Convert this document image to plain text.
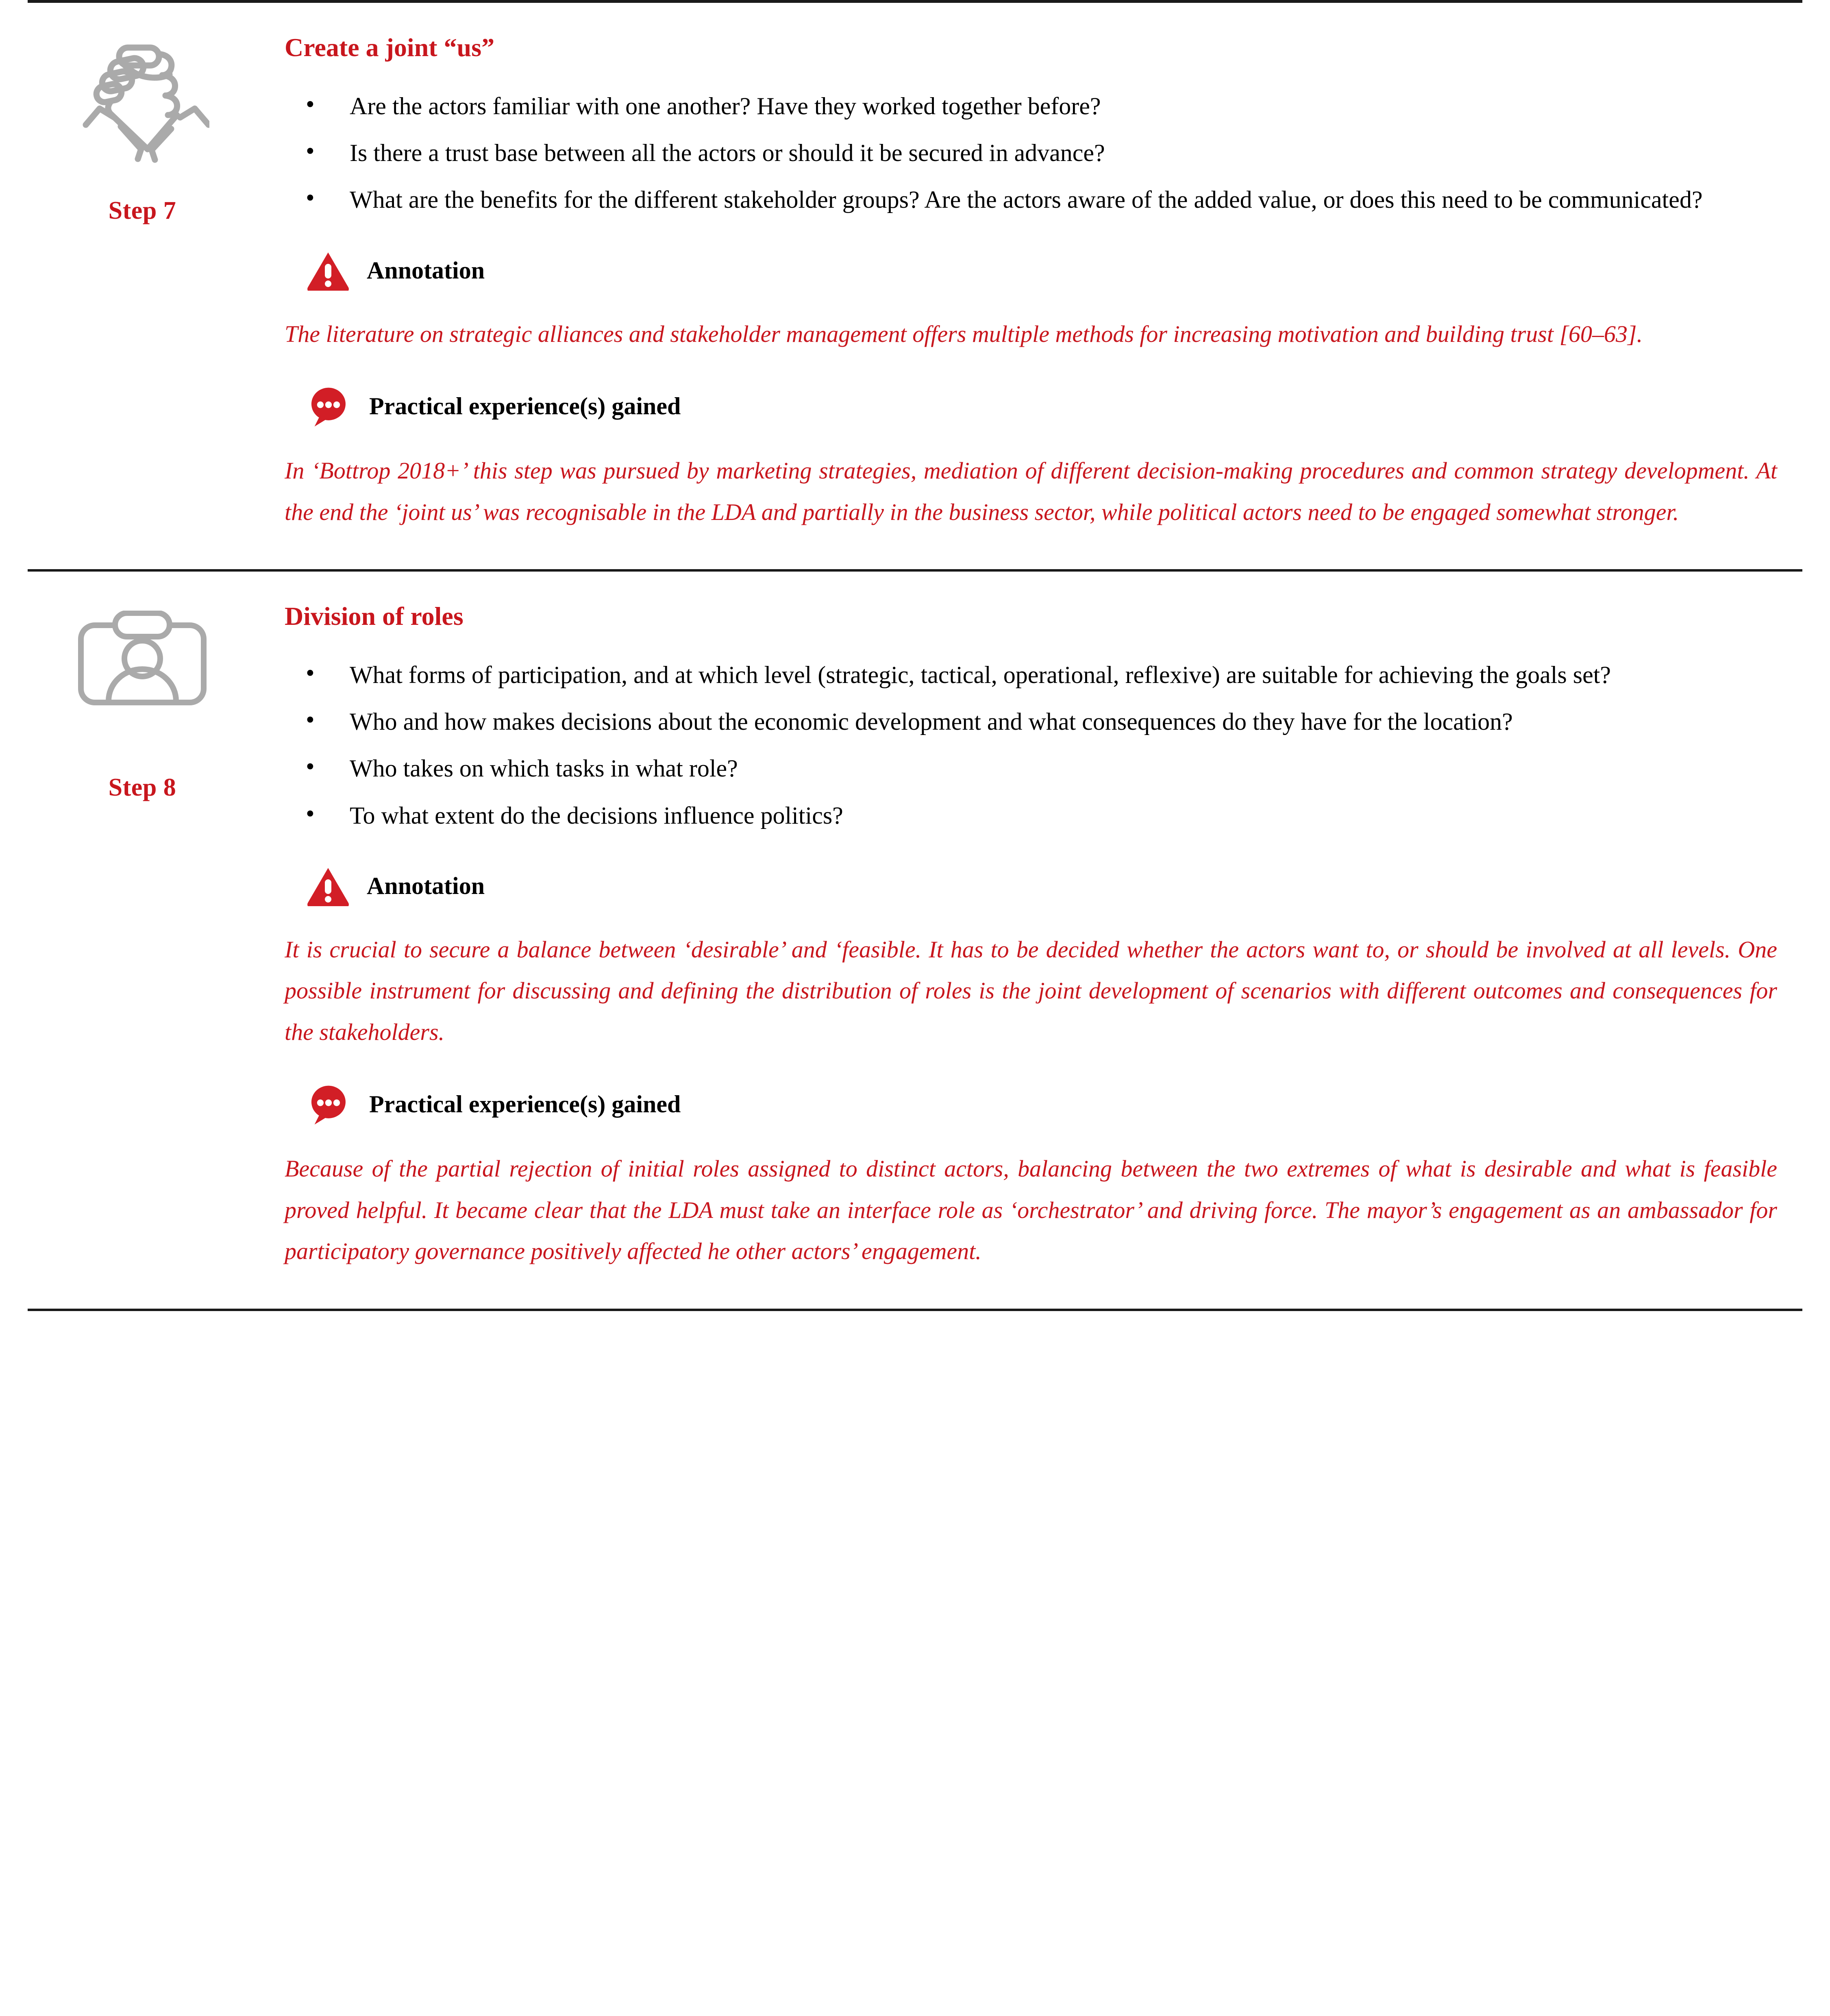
Step 7
Create a joint “us”
• Are the actors familiar with one another? Have they worked together before?
• Is there a trust base between all the actors or should it be secured in advance?
• What are the benefits for the different stakeholder groups? Are the actors aware of the added value, or does this need to be communicated?
Annotation

The literature on strategic alliances and stakeholder management offers multiple methods for increasing motivation and building trust [60–63].

Practical experience(s) gained

In ‘Bottrop 2018+’ this step was pursued by marketing strategies, mediation of different decision-making procedures and common strategy development. At the end the ‘joint us’ was recognisable in the LDA and partially in the business sector, while political actors need to be engaged somewhat stronger.

Step 8
Division of roles
• What forms of participation, and at which level (strategic, tactical, operational, reflexive) are suitable for achieving the goals set?
• Who and how makes decisions about the economic development and what consequences do they have for the location?
• Who takes on which tasks in what role?
• To what extent do the decisions influence politics?
Annotation

It is crucial to secure a balance between ‘desirable’ and ‘feasible. It has to be decided whether the actors want to, or should be involved at all levels. One possible instrument for discussing and defining the distribution of roles is the joint development of scenarios with different outcomes and consequences for the stakeholders.

Practical experience(s) gained

Because of the partial rejection of initial roles assigned to distinct actors, balancing between the two extremes of what is desirable and what is feasible proved helpful. It became clear that the LDA must take an interface role as ‘orchestrator’ and driving force. The mayor’s engagement as an ambassador for participatory governance positively affected he other actors’ engagement.
